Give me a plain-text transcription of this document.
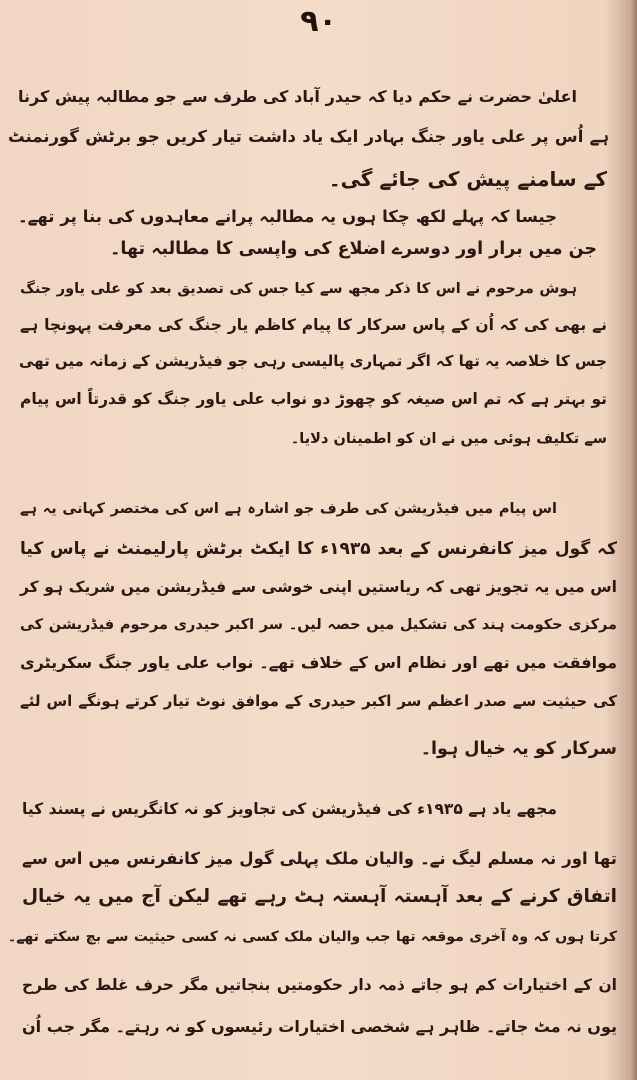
۹۰
اعلیٰ حضرت نے حکم دیا کہ حیدر آباد کی طرف سے جو مطالبہ پیش کرنا
ہے اُس پر علی یاور جنگ بہادر ایک یاد داشت تیار کریں جو برٹش گورنمنٹ
کے سامنے پیش کی جائے گی۔
جیسا کہ پہلے لکھ چکا ہوں یہ مطالبہ پرانے معاہدوں کی بنا پر تھے۔
جن میں برار اور دوسرے اضلاع کی واپسی کا مطالبہ تھا۔
ہوش مرحوم نے اس کا ذکر مجھ سے کیا جس کی تصدیق بعد کو علی یاور جنگ
نے بھی کی کہ اُن کے پاس سرکار کا پیام کاظم یار جنگ کی معرفت پہونچا ہے
جس کا خلاصہ یہ تھا کہ اگر تمہاری پالیسی رہی جو فیڈریشن کے زمانہ میں تھی
تو بہتر ہے کہ تم اس صیغہ کو چھوڑ دو نواب علی یاور جنگ کو قدرتاً اس پیام
سے تکلیف ہوئی میں نے ان کو اطمینان دلایا۔
اس پیام میں فیڈریشن کی طرف جو اشارہ ہے اس کی مختصر کہانی یہ ہے
کہ گول میز کانفرنس کے بعد ۱۹۳۵ء کا ایکٹ برٹش پارلیمنٹ نے پاس کیا
اس میں یہ تجویز تھی کہ ریاستیں اپنی خوشی سے فیڈریشن میں شریک ہو کر
مرکزی حکومت ہند کی تشکیل میں حصہ لیں۔ سر اکبر حیدری مرحوم فیڈریشن کی
موافقت میں تھے اور نظام اس کے خلاف تھے۔ نواب علی یاور جنگ سکریٹری
کی حیثیت سے صدر اعظم سر اکبر حیدری کے موافق نوٹ تیار کرتے ہونگے اس لئے
سرکار کو یہ خیال ہوا۔
مجھے یاد ہے ۱۹۳۵ء کی فیڈریشن کی تجاویز کو نہ کانگریس نے پسند کیا
تھا اور نہ مسلم لیگ نے۔ والیان ملک پہلی گول میز کانفرنس میں اس سے
اتفاق کرنے کے بعد آہستہ آہستہ ہٹ رہے تھے لیکن آج میں یہ خیال
کرتا ہوں کہ وہ آخری موقعہ تھا جب والیان ملک کسی نہ کسی حیثیت سے بچ سکتے تھے۔
ان کے اختیارات کم ہو جاتے ذمہ دار حکومتیں بنجاتیں مگر حرف غلط کی طرح
یوں نہ مٹ جاتے۔ ظاہر ہے شخصی اختیارات رئیسوں کو نہ رہتے۔ مگر جب اُن
